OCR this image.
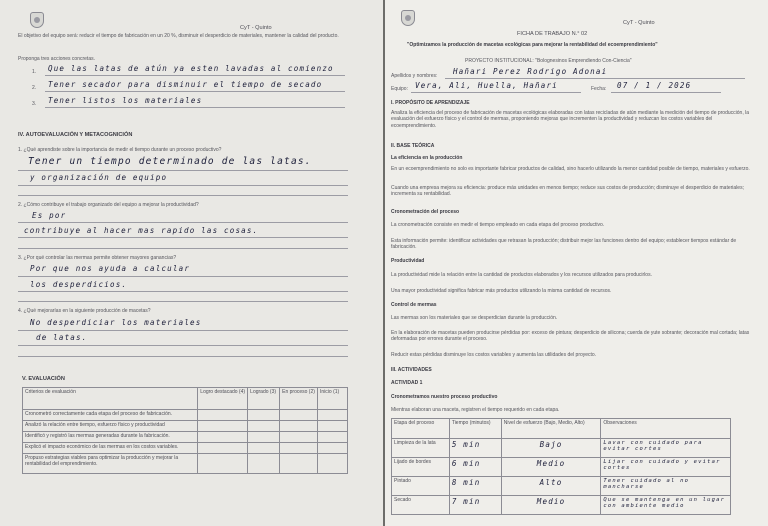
CyT - Quinto
El objetivo del equipo será: reducir el tiempo de fabricación en un 20 %, disminuir el desperdicio de materiales, mantener la calidad del producto.
Proponga tres acciones concretas.
1. Que las latas de atún ya esten lavadas al comienzo
2. Tener secador para disminuir el tiempo de secado
3. Tener listos los materiales
IV. AUTOEVALUACIÓN Y METACOGNICIÓN
1. ¿Qué aprendiste sobre la importancia de medir el tiempo durante un proceso productivo?
Tener un tiempo determinado de las latas.
y organización de equipo
2. ¿Cómo contribuye el trabajo organizado del equipo a mejorar la productividad?
Es por
contribuye al hacer mas rapido las cosas.
3. ¿Por qué controlar las mermas permite obtener mayores ganancias?
Por que nos ayuda a calcular
los desperdicios.
4. ¿Qué mejorarías en la siguiente producción de macetas?
No desperdiciar los materiales
de latas.
V. EVALUACIÓN
Criterios de evaluación	Logro destacado (4)	Logrado (3)	En proceso (2)	Inicio (1)
Cronometró correctamente cada etapa del proceso de fabricación.				
Analizó la relación entre tiempo, esfuerzo físico y productividad				
Identificó y registró las mermas generadas durante la fabricación.				
Explicó el impacto económico de las mermas en los costos variables.				
Propuso estrategias viables para optimizar la producción y mejorar la rentabilidad del emprendimiento.				
CyT - Quinto
FICHA DE TRABAJO N.° 02
"Optimizamos la producción de macetas ecológicas para mejorar la rentabilidad del ecoemprendimiento"
PROYECTO INSTITUCIONAL: "Bolognesinos Emprendiendo Con-Ciencia"
Apellidos y nombres: Hañari Perez Rodrigo Adonai
Equipo: Vera, Ali, Huella, Hañari	Fecha: 07 / 1 / 2026
I. PROPÓSITO DE APRENDIZAJE
Analiza la eficiencia del proceso de fabricación de macetas ecológicas elaboradas con latas recicladas de atún mediante la medición del tiempo de producción, la evaluación del esfuerzo físico y el control de mermas, proponiendo mejoras que incrementen la productividad y reduzcan los costos variables del ecoemprendimiento.
II. BASE TEÓRICA
La eficiencia en la producción
En un ecoemprendimiento no solo es importante fabricar productos de calidad, sino hacerlo utilizando la menor cantidad posible de tiempo, materiales y esfuerzo.
Cuando una empresa mejora su eficiencia: produce más unidades en menos tiempo; reduce sus costos de producción; disminuye el desperdicio de materiales; incrementa su rentabilidad.
Cronometración del proceso
La cronometración consiste en medir el tiempo empleado en cada etapa del proceso productivo.
Esta información permite: identificar actividades que retrasan la producción; distribuir mejor las funciones dentro del equipo; establecer tiempos estándar de fabricación.
Productividad
La productividad mide la relación entre la cantidad de productos elaborados y los recursos utilizados para producirlos.
Una mayor productividad significa fabricar más productos utilizando la misma cantidad de recursos.
Control de mermas
Las mermas son los materiales que se desperdician durante la producción.
En la elaboración de macetas pueden producirse pérdidas por: exceso de pintura; desperdicio de silicona; cuerda de yute sobrante; decoración mal cortada; latas deformadas por errores durante el proceso.
Reducir estas pérdidas disminuye los costos variables y aumenta las utilidades del proyecto.
III. ACTIVIDADES
ACTIVIDAD 1
Cronometramos nuestro proceso productivo
Mientras elaboran una maceta, registren el tiempo requerido en cada etapa.
Etapa del proceso	Tiempo (minutos)	Nivel de esfuerzo (Bajo, Medio, Alto)	Observaciones
Limpieza de la lata	5 min	Bajo	Lavar con cuidado para evitar cortes

Lijado de bordes	6 min	Medio	Lijar con cuidado y evitar cortes

Pintado	8 min	Alto	Tener cuidado al no mancharse

Secado	7 min	Medio	Que se mantenga en un lugar con ambiente medio
